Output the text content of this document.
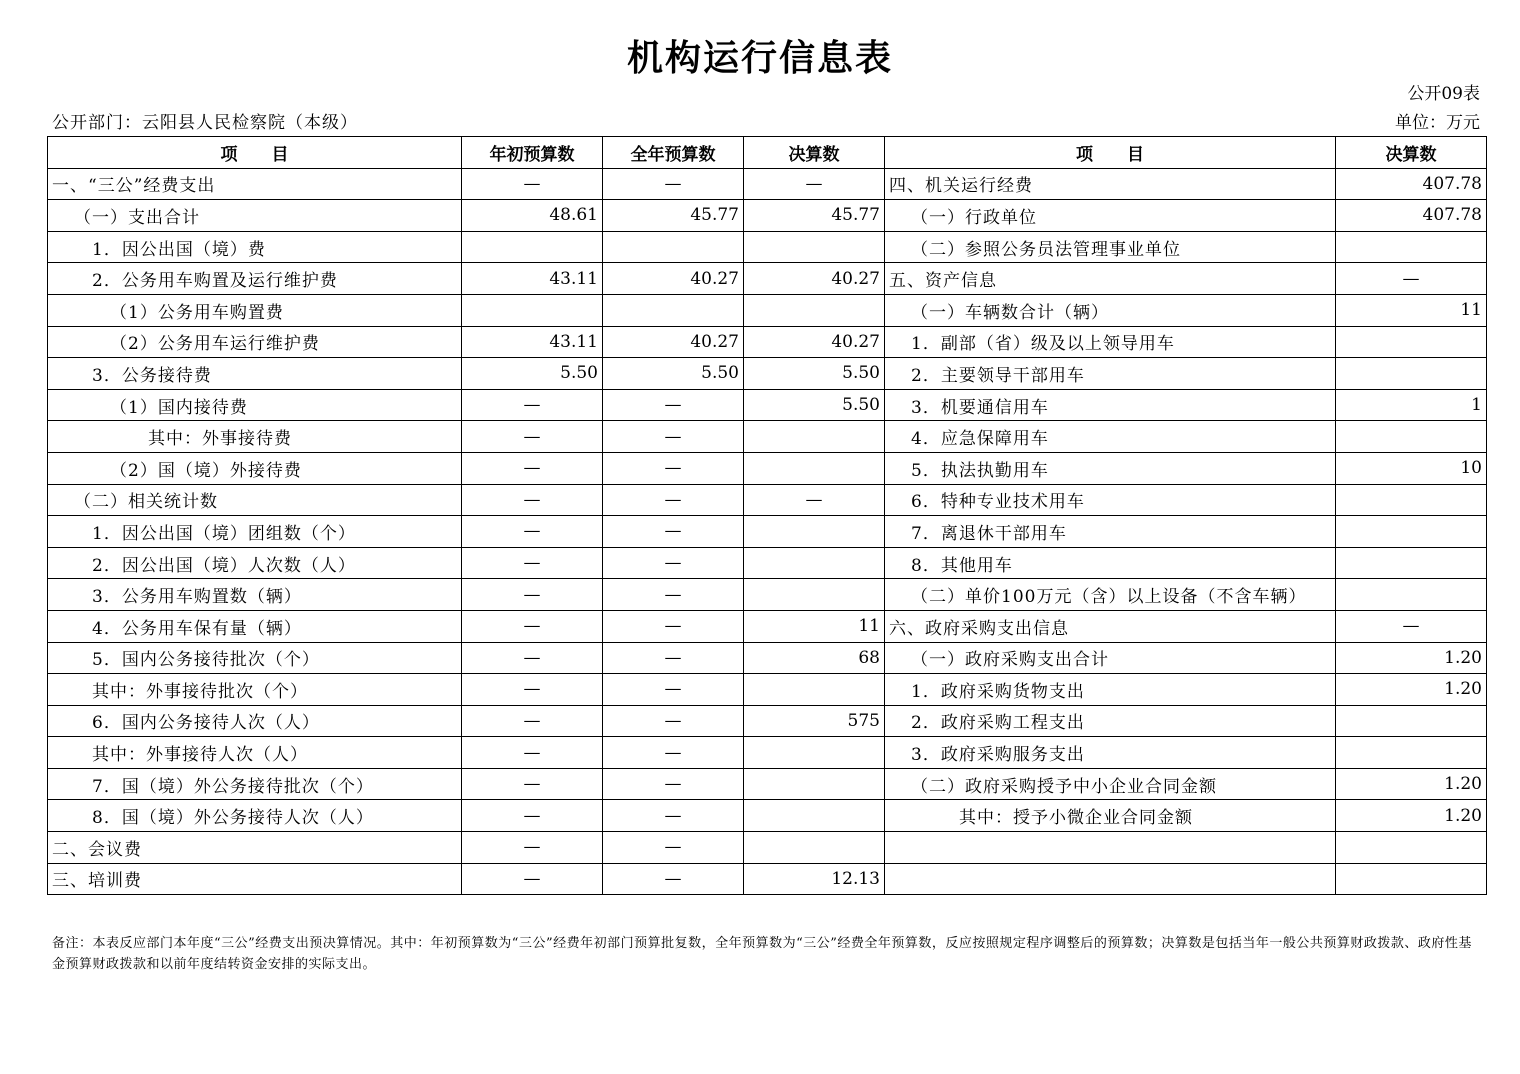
机构运行信息表
公开09表
公开部门：云阳县人民检察院（本级）	单位：万元
项　　目	年初预算数	全年预算数	决算数	项　　目	决算数
一、“三公”经费支出	—	—	—	四、机关运行经费	407.78
（一）支出合计	48.61	45.77	45.77	（一）行政单位	407.78
1．因公出国（境）费				（二）参照公务员法管理事业单位	
2．公务用车购置及运行维护费	43.11	40.27	40.27	五、资产信息	—
（1）公务用车购置费				（一）车辆数合计（辆）	11
（2）公务用车运行维护费	43.11	40.27	40.27	1．副部（省）级及以上领导用车	
3．公务接待费	5.50	5.50	5.50	2．主要领导干部用车	
（1）国内接待费	—	—	5.50	3．机要通信用车	1
其中：外事接待费	—	—		4．应急保障用车	
（2）国（境）外接待费	—	—		5．执法执勤用车	10
（二）相关统计数	—	—	—	6．特种专业技术用车	
1．因公出国（境）团组数（个）	—	—		7．离退休干部用车	
2．因公出国（境）人次数（人）	—	—		8．其他用车	
3．公务用车购置数（辆）	—	—		（二）单价100万元（含）以上设备（不含车辆）	
4．公务用车保有量（辆）	—	—	11	六、政府采购支出信息	—
5．国内公务接待批次（个）	—	—	68	（一）政府采购支出合计	1.20
其中：外事接待批次（个）	—	—		1．政府采购货物支出	1.20
6．国内公务接待人次（人）	—	—	575	2．政府采购工程支出	
其中：外事接待人次（人）	—	—		3．政府采购服务支出	
7．国（境）外公务接待批次（个）	—	—		（二）政府采购授予中小企业合同金额	1.20
8．国（境）外公务接待人次（人）	—	—		其中：授予小微企业合同金额	1.20
二、会议费	—	—			
三、培训费	—	—	12.13		
备注：本表反应部门本年度“三公”经费支出预决算情况。其中：年初预算数为“三公”经费年初部门预算批复数，全年预算数为“三公”经费全年预算数，反应按照规定程序调整后的预算数；决算数是包括当年一般公共预算财政拨款、政府性基金预算财政拨款和以前年度结转资金安排的实际支出。
